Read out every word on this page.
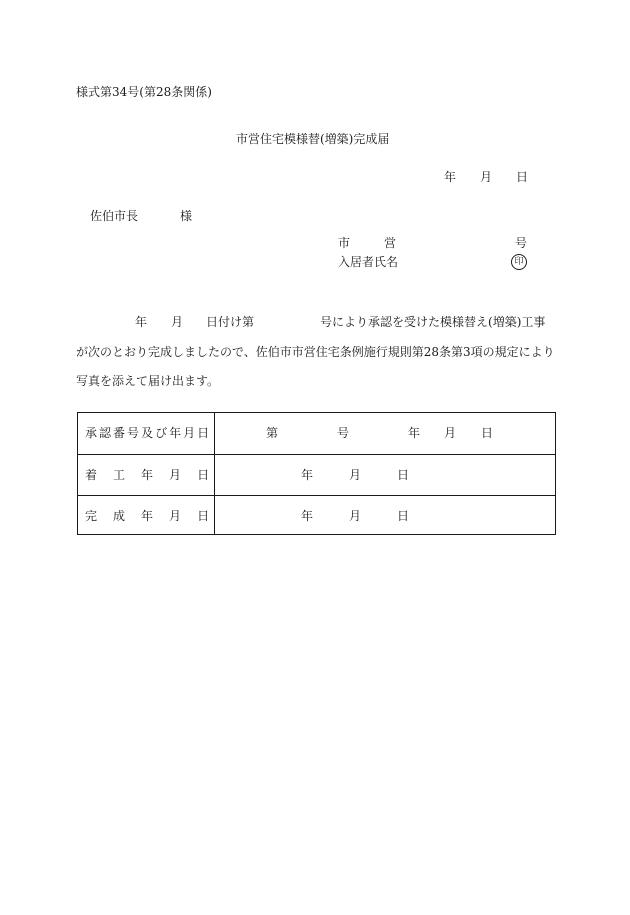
様式第34号(第28条関係)
市営住宅模様替(増築)完成届
年 月 日
佐伯市長	様
市	営	号
入居者氏名	印
年 月 日付け第	号により承認を受けた模様替え(増築)工事
が次のとおり完成しましたので、佐伯市市営住宅条例施行規則第28条第3項の規定により
写真を添えて届け出ます。
承 認 番 号 及 び 年 月 日	第	号	年 月 日
着 工 年 月 日	年	月	日
完 成 年 月 日	年	月	日
